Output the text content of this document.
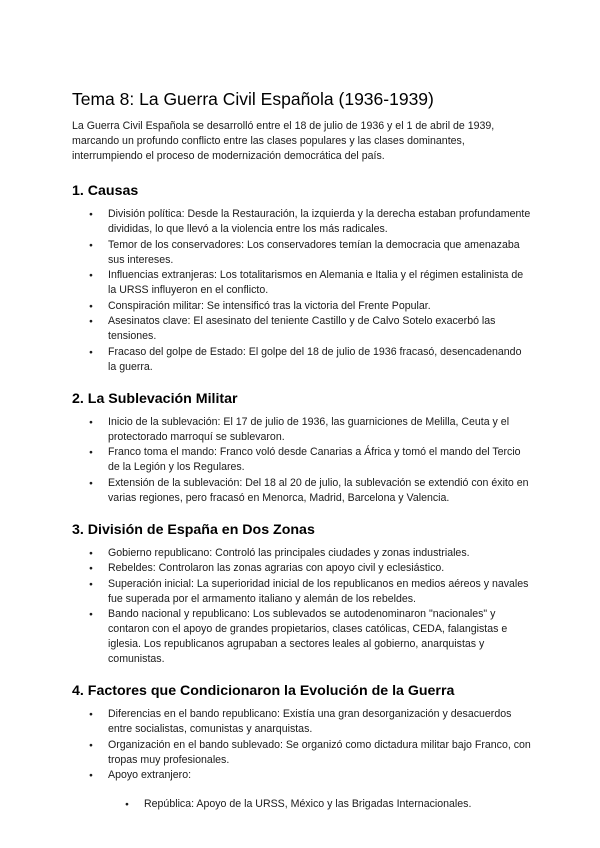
Tema 8: La Guerra Civil Española (1936-1939)

La Guerra Civil Española se desarrolló entre el 18 de julio de 1936 y el 1 de abril de 1939, marcando un profundo conflicto entre las clases populares y las clases dominantes, interrumpiendo el proceso de modernización democrática del país.

1. Causas
● División política: Desde la Restauración, la izquierda y la derecha estaban profundamente divididas, lo que llevó a la violencia entre los más radicales.
● Temor de los conservadores: Los conservadores temían la democracia que amenazaba sus intereses.
● Influencias extranjeras: Los totalitarismos en Alemania e Italia y el régimen estalinista de la URSS influyeron en el conflicto.
● Conspiración militar: Se intensificó tras la victoria del Frente Popular.
● Asesinatos clave: El asesinato del teniente Castillo y de Calvo Sotelo exacerbó las tensiones.
● Fracaso del golpe de Estado: El golpe del 18 de julio de 1936 fracasó, desencadenando la guerra.
2. La Sublevación Militar
● Inicio de la sublevación: El 17 de julio de 1936, las guarniciones de Melilla, Ceuta y el protectorado marroquí se sublevaron.
● Franco toma el mando: Franco voló desde Canarias a África y tomó el mando del Tercio de la Legión y los Regulares.
● Extensión de la sublevación: Del 18 al 20 de julio, la sublevación se extendió con éxito en varias regiones, pero fracasó en Menorca, Madrid, Barcelona y Valencia.
3. División de España en Dos Zonas
● Gobierno republicano: Controló las principales ciudades y zonas industriales.
● Rebeldes: Controlaron las zonas agrarias con apoyo civil y eclesiástico.
● Superación inicial: La superioridad inicial de los republicanos en medios aéreos y navales fue superada por el armamento italiano y alemán de los rebeldes.
● Bando nacional y republicano: Los sublevados se autodenominaron "nacionales" y contaron con el apoyo de grandes propietarios, clases católicas, CEDA, falangistas e iglesia. Los republicanos agrupaban a sectores leales al gobierno, anarquistas y comunistas.
4. Factores que Condicionaron la Evolución de la Guerra
● Diferencias en el bando republicano: Existía una gran desorganización y desacuerdos entre socialistas, comunistas y anarquistas.
● Organización en el bando sublevado: Se organizó como dictadura militar bajo Franco, con tropas muy profesionales.
● Apoyo extranjero:
● República: Apoyo de la URSS, México y las Brigadas Internacionales.
